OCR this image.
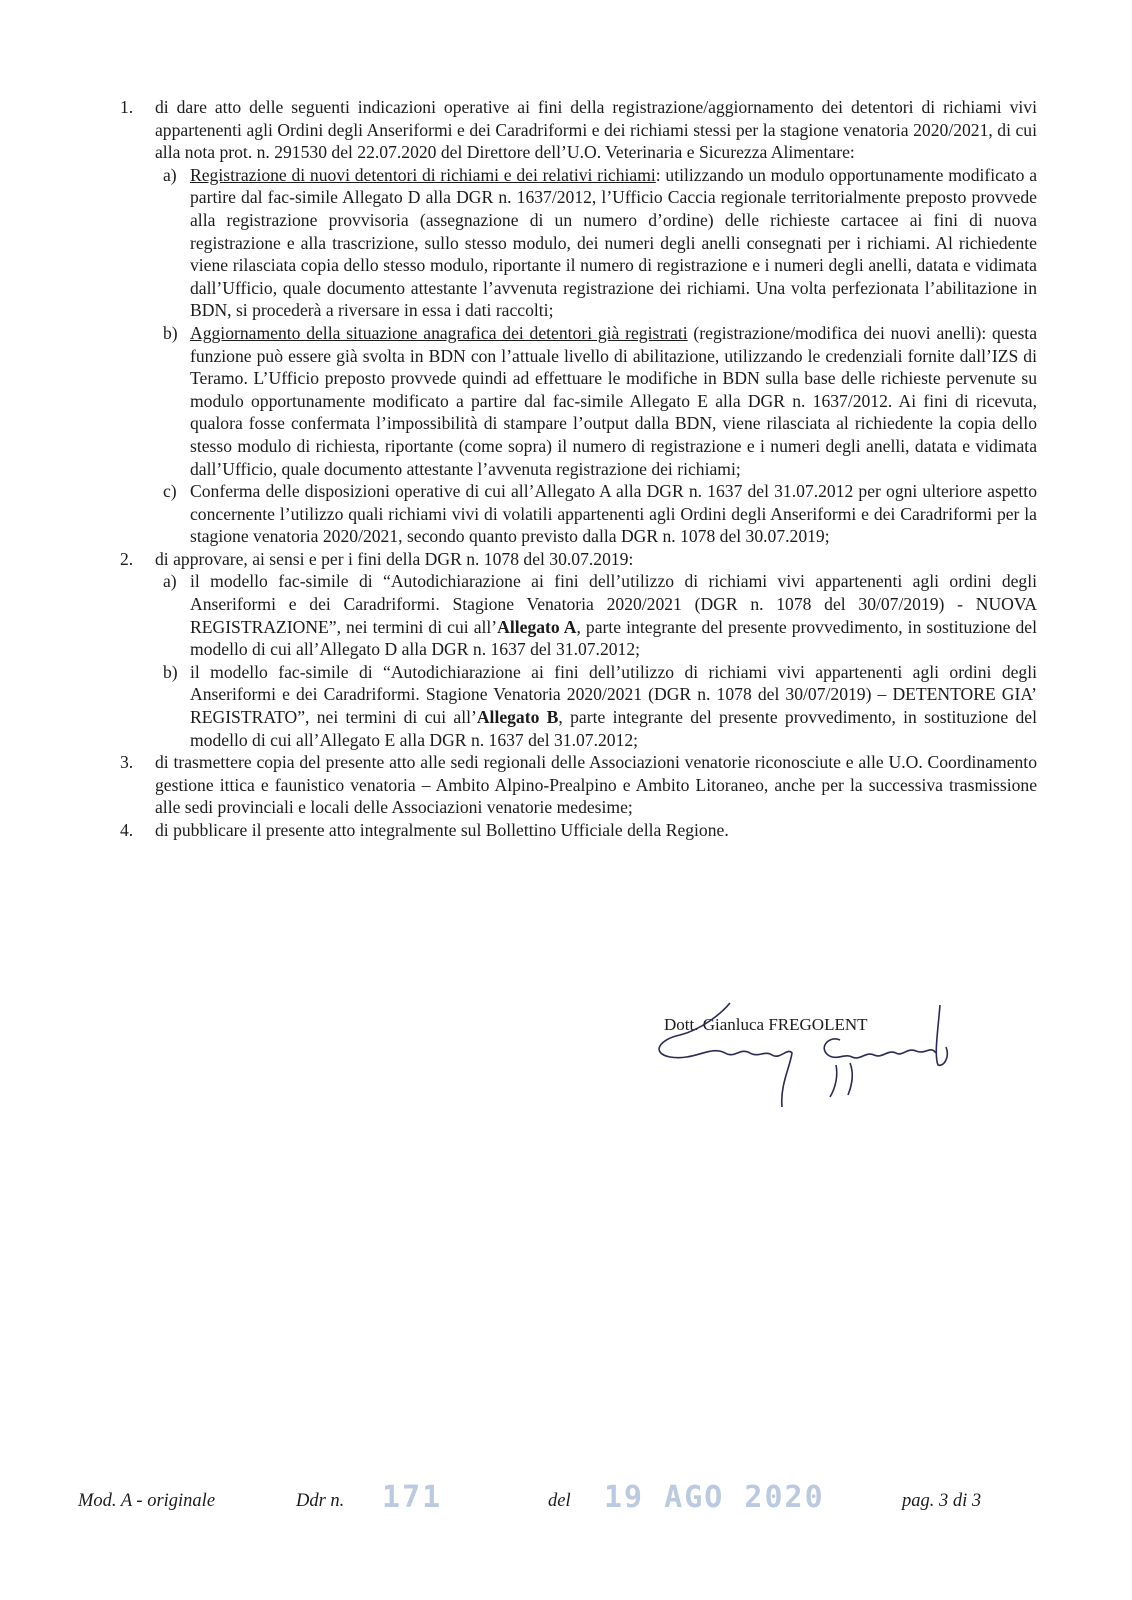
1. di dare atto delle seguenti indicazioni operative ai fini della registrazione/aggiornamento dei detentori di richiami vivi appartenenti agli Ordini degli Anseriformi e dei Caradriformi e dei richiami stessi per la stagione venatoria 2020/2021, di cui alla nota prot. n. 291530 del 22.07.2020 del Direttore dell’U.O. Veterinaria e Sicurezza Alimentare:
a) Registrazione di nuovi detentori di richiami e dei relativi richiami: utilizzando un modulo opportunamente modificato a partire dal fac-simile Allegato D alla DGR n. 1637/2012, l’Ufficio Caccia regionale territorialmente preposto provvede alla registrazione provvisoria (assegnazione di un numero d’ordine) delle richieste cartacee ai fini di nuova registrazione e alla trascrizione, sullo stesso modulo, dei numeri degli anelli consegnati per i richiami. Al richiedente viene rilasciata copia dello stesso modulo, riportante il numero di registrazione e i numeri degli anelli, datata e vidimata dall’Ufficio, quale documento attestante l’avvenuta registrazione dei richiami. Una volta perfezionata l’abilitazione in BDN, si procederà a riversare in essa i dati raccolti;
b) Aggiornamento della situazione anagrafica dei detentori già registrati (registrazione/modifica dei nuovi anelli): questa funzione può essere già svolta in BDN con l’attuale livello di abilitazione, utilizzando le credenziali fornite dall’IZS di Teramo. L’Ufficio preposto provvede quindi ad effettuare le modifiche in BDN sulla base delle richieste pervenute su modulo opportunamente modificato a partire dal fac-simile Allegato E alla DGR n. 1637/2012. Ai fini di ricevuta, qualora fosse confermata l’impossibilità di stampare l’output dalla BDN, viene rilasciata al richiedente la copia dello stesso modulo di richiesta, riportante (come sopra) il numero di registrazione e i numeri degli anelli, datata e vidimata dall’Ufficio, quale documento attestante l’avvenuta registrazione dei richiami;
c) Conferma delle disposizioni operative di cui all’Allegato A alla DGR n. 1637 del 31.07.2012 per ogni ulteriore aspetto concernente l’utilizzo quali richiami vivi di volatili appartenenti agli Ordini degli Anseriformi e dei Caradriformi per la stagione venatoria 2020/2021, secondo quanto previsto dalla DGR n. 1078 del 30.07.2019;
2. di approvare, ai sensi e per i fini della DGR n. 1078 del 30.07.2019:
a) il modello fac-simile di “Autodichiarazione ai fini dell’utilizzo di richiami vivi appartenenti agli ordini degli Anseriformi e dei Caradriformi. Stagione Venatoria 2020/2021 (DGR n. 1078 del 30/07/2019) - NUOVA REGISTRAZIONE”, nei termini di cui all’Allegato A, parte integrante del presente provvedimento, in sostituzione del modello di cui all’Allegato D alla DGR n. 1637 del 31.07.2012;
b) il modello fac-simile di “Autodichiarazione ai fini dell’utilizzo di richiami vivi appartenenti agli ordini degli Anseriformi e dei Caradriformi. Stagione Venatoria 2020/2021 (DGR n. 1078 del 30/07/2019) – DETENTORE GIA’ REGISTRATO”, nei termini di cui all’Allegato B, parte integrante del presente provvedimento, in sostituzione del modello di cui all’Allegato E alla DGR n. 1637 del 31.07.2012;
3. di trasmettere copia del presente atto alle sedi regionali delle Associazioni venatorie riconosciute e alle U.O. Coordinamento gestione ittica e faunistico venatoria – Ambito Alpino-Prealpino e Ambito Litoraneo, anche per la successiva trasmissione alle sedi provinciali e locali delle Associazioni venatorie medesime;
4. di pubblicare il presente atto integralmente sul Bollettino Ufficiale della Regione.
Dott. Gianluca FREGOLENT
Mod. A - originale	Ddr n. 171	del 19 AGO 2020	pag. 3 di 3
